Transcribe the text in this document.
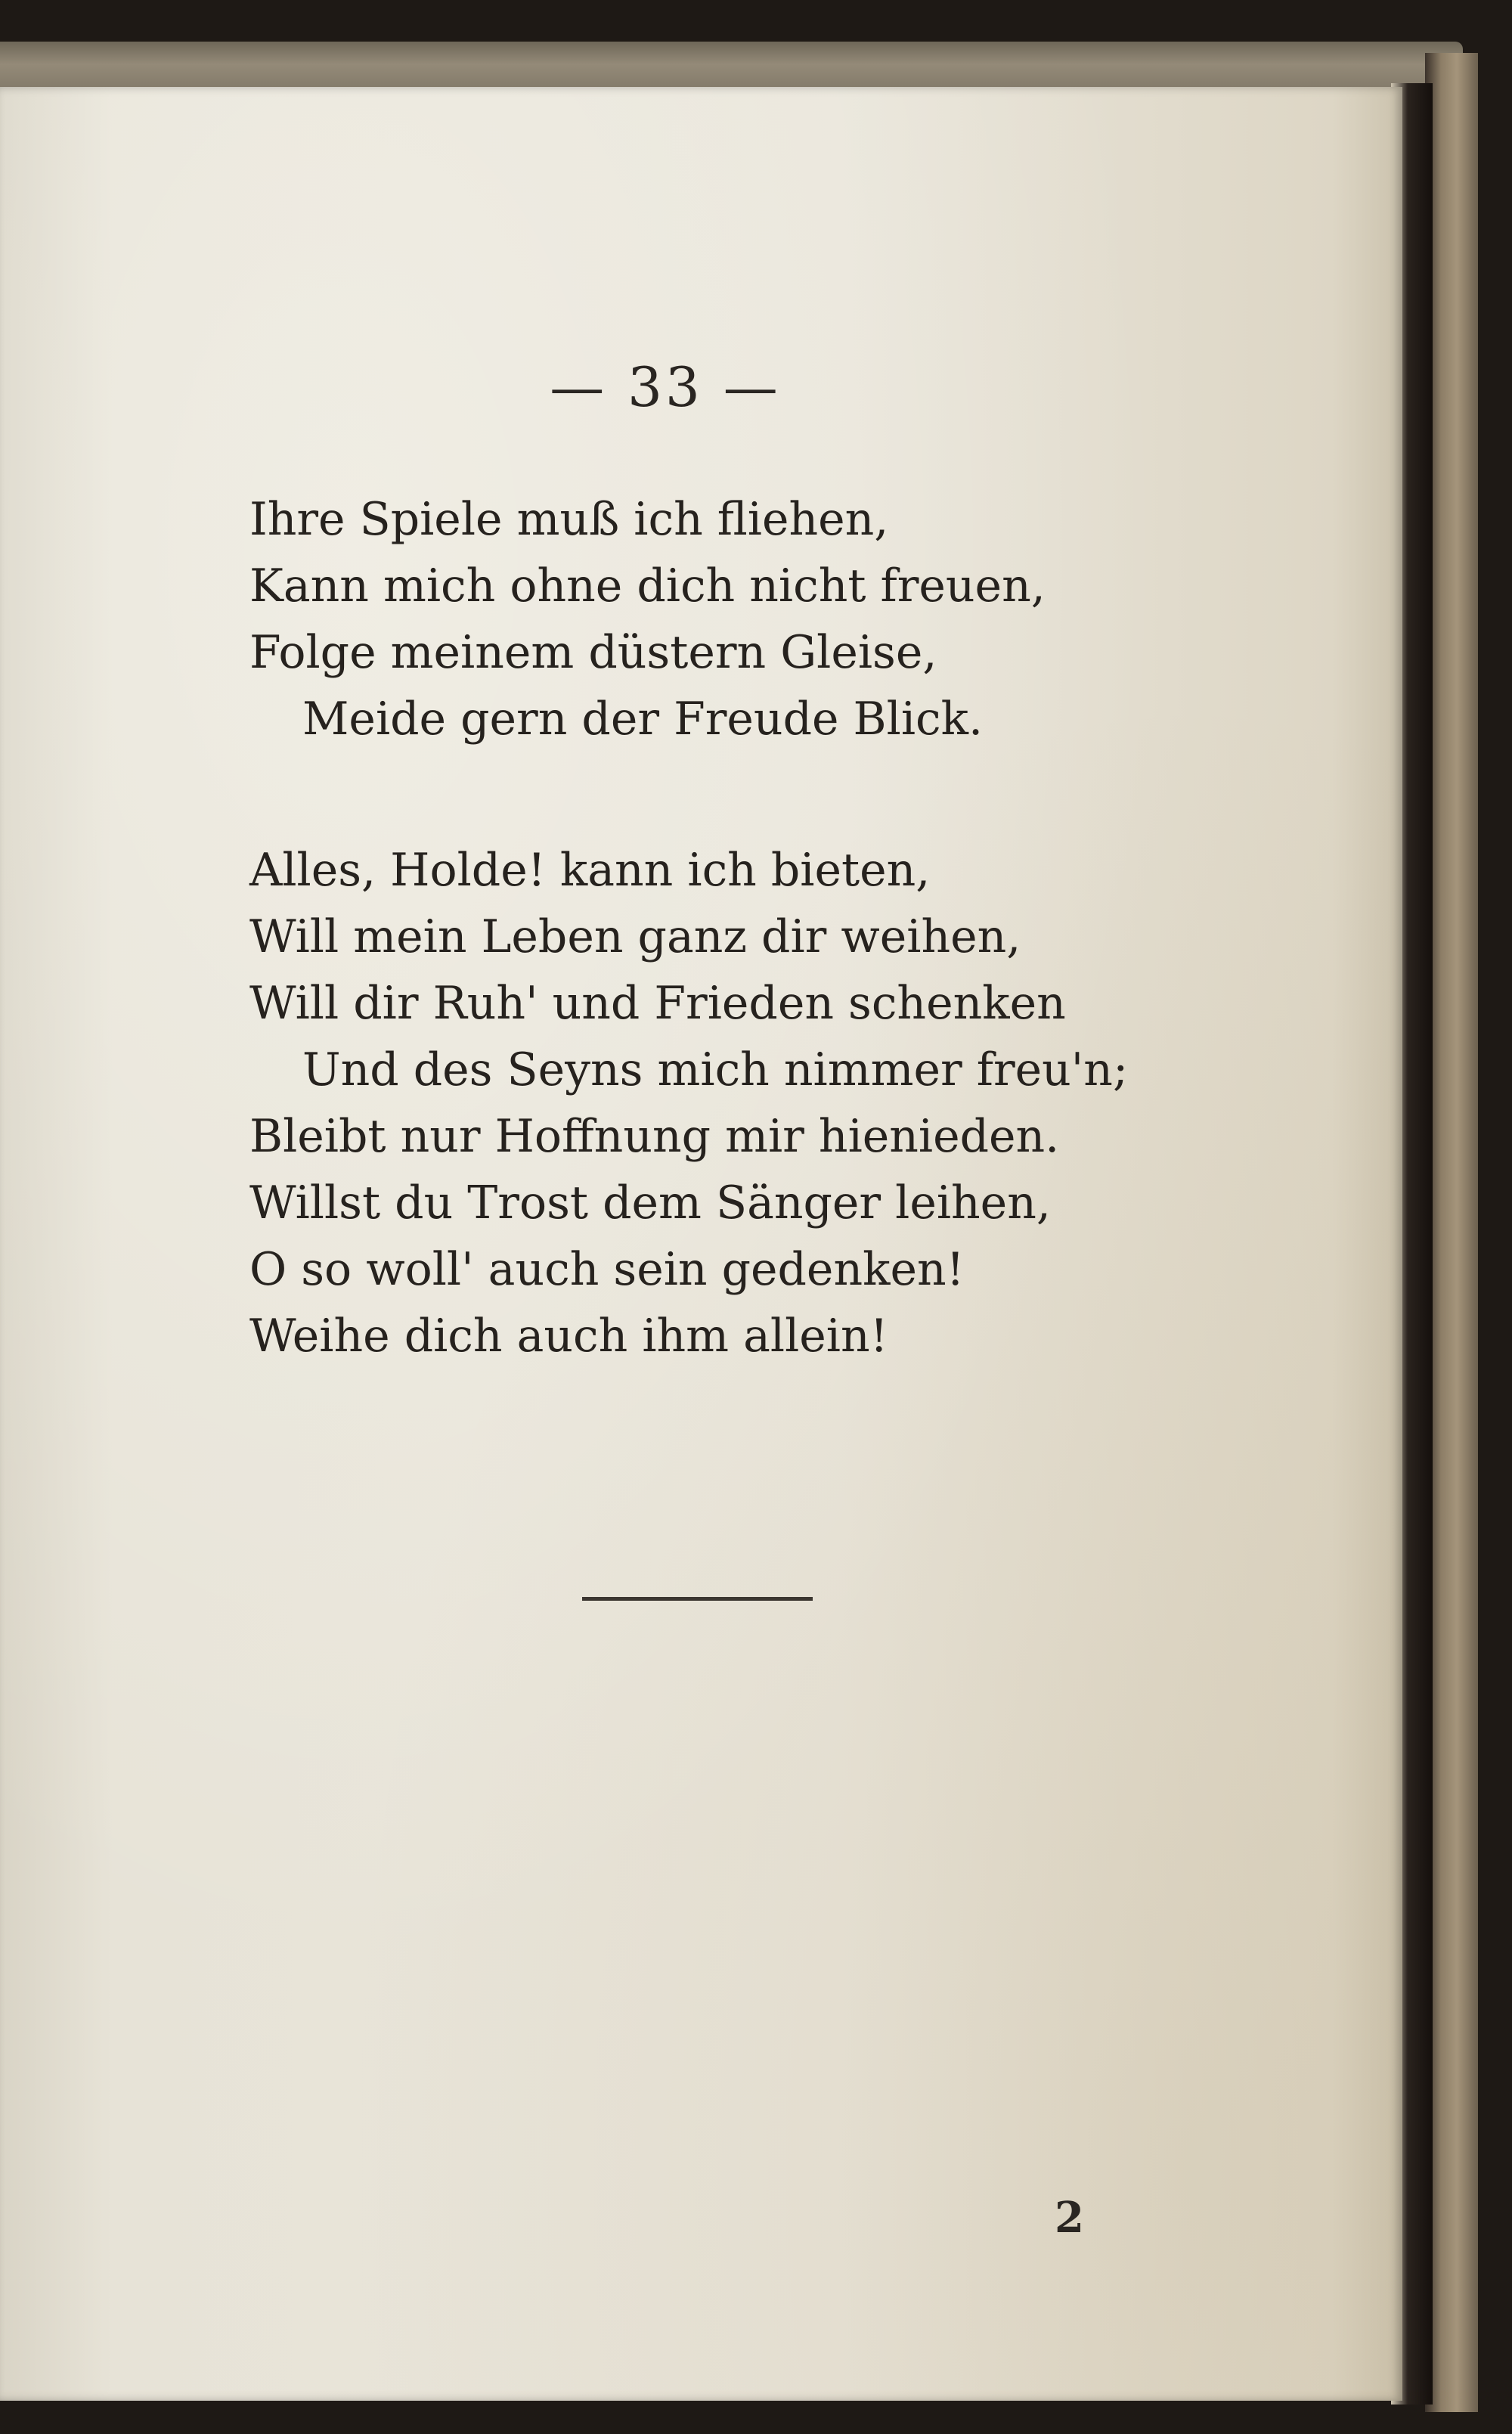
— 33 —
Ihre Spiele muß ich fliehen,
Kann mich ohne dich nicht freuen,
Folge meinem düstern Gleise,
Meide gern der Freude Blick.
Alles, Holde! kann ich bieten,
Will mein Leben ganz dir weihen,
Will dir Ruh' und Frieden schenken
Und des Seyns mich nimmer freu'n;
Bleibt nur Hoffnung mir hienieden.
Willst du Trost dem Sänger leihen,
O so woll' auch sein gedenken!
Weihe dich auch ihm allein!
2
